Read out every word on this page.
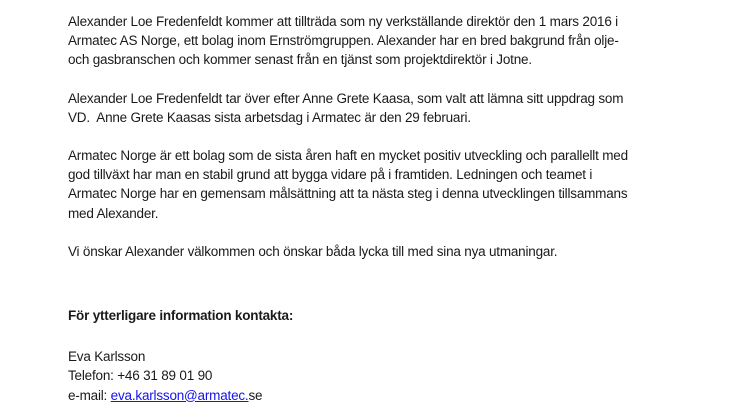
Alexander Loe Fredenfeldt kommer att tillträda som ny verkställande direktör den 1 mars 2016 i
Armatec AS Norge, ett bolag inom Ernströmgruppen. Alexander har en bred bakgrund från olje-
och gasbranschen och kommer senast från en tjänst som projektdirektör i Jotne.
Alexander Loe Fredenfeldt tar över efter Anne Grete Kaasa, som valt att lämna sitt uppdrag som
VD.  Anne Grete Kaasas sista arbetsdag i Armatec är den 29 februari.
Armatec Norge är ett bolag som de sista åren haft en mycket positiv utveckling och parallellt med
god tillväxt har man en stabil grund att bygga vidare på i framtiden. Ledningen och teamet i
Armatec Norge har en gemensam målsättning att ta nästa steg i denna utvecklingen tillsammans
med Alexander.
Vi önskar Alexander välkommen och önskar båda lycka till med sina nya utmaningar.
För ytterligare information kontakta:
Eva Karlsson
Telefon: +46 31 89 01 90
e-mail: eva.karlsson@armatec.se
